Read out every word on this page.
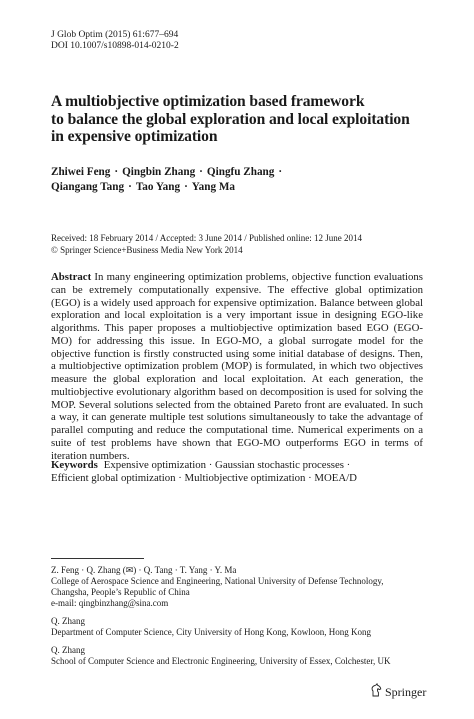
J Glob Optim (2015) 61:677–694
DOI 10.1007/s10898-014-0210-2
A multiobjective optimization based framework
to balance the global exploration and local exploitation
in expensive optimization
Zhiwei Feng · Qingbin Zhang · Qingfu Zhang ·
Qiangang Tang · Tao Yang · Yang Ma
Received: 18 February 2014 / Accepted: 3 June 2014 / Published online: 12 June 2014
© Springer Science+Business Media New York 2014
Abstract In many engineering optimization problems, objective function evaluations can be extremely computationally expensive. The effective global optimization (EGO) is a widely used approach for expensive optimization. Balance between global exploration and local exploitation is a very important issue in designing EGO-like algorithms. This paper proposes a multiobjective optimization based EGO (EGO-MO) for addressing this issue. In EGO-MO, a global surrogate model for the objective function is firstly constructed using some initial database of designs. Then, a multiobjective optimization problem (MOP) is formulated, in which two objectives measure the global exploration and local exploitation. At each generation, the multiobjective evolutionary algorithm based on decomposition is used for solving the MOP. Several solutions selected from the obtained Pareto front are evaluated. In such a way, it can generate multiple test solutions simultaneously to take the advantage of parallel computing and reduce the computational time. Numerical experiments on a suite of test problems have shown that EGO-MO outperforms EGO in terms of iteration numbers.
Keywords Expensive optimization · Gaussian stochastic processes ·
Efficient global optimization · Multiobjective optimization · MOEA/D
Z. Feng · Q. Zhang (✉) · Q. Tang · T. Yang · Y. Ma
College of Aerospace Science and Engineering, National University of Defense Technology,
Changsha, People’s Republic of China
e-mail: qingbinzhang@sina.com
Q. Zhang
Department of Computer Science, City University of Hong Kong, Kowloon, Hong Kong
Q. Zhang
School of Computer Science and Electronic Engineering, University of Essex, Colchester, UK
Springer
